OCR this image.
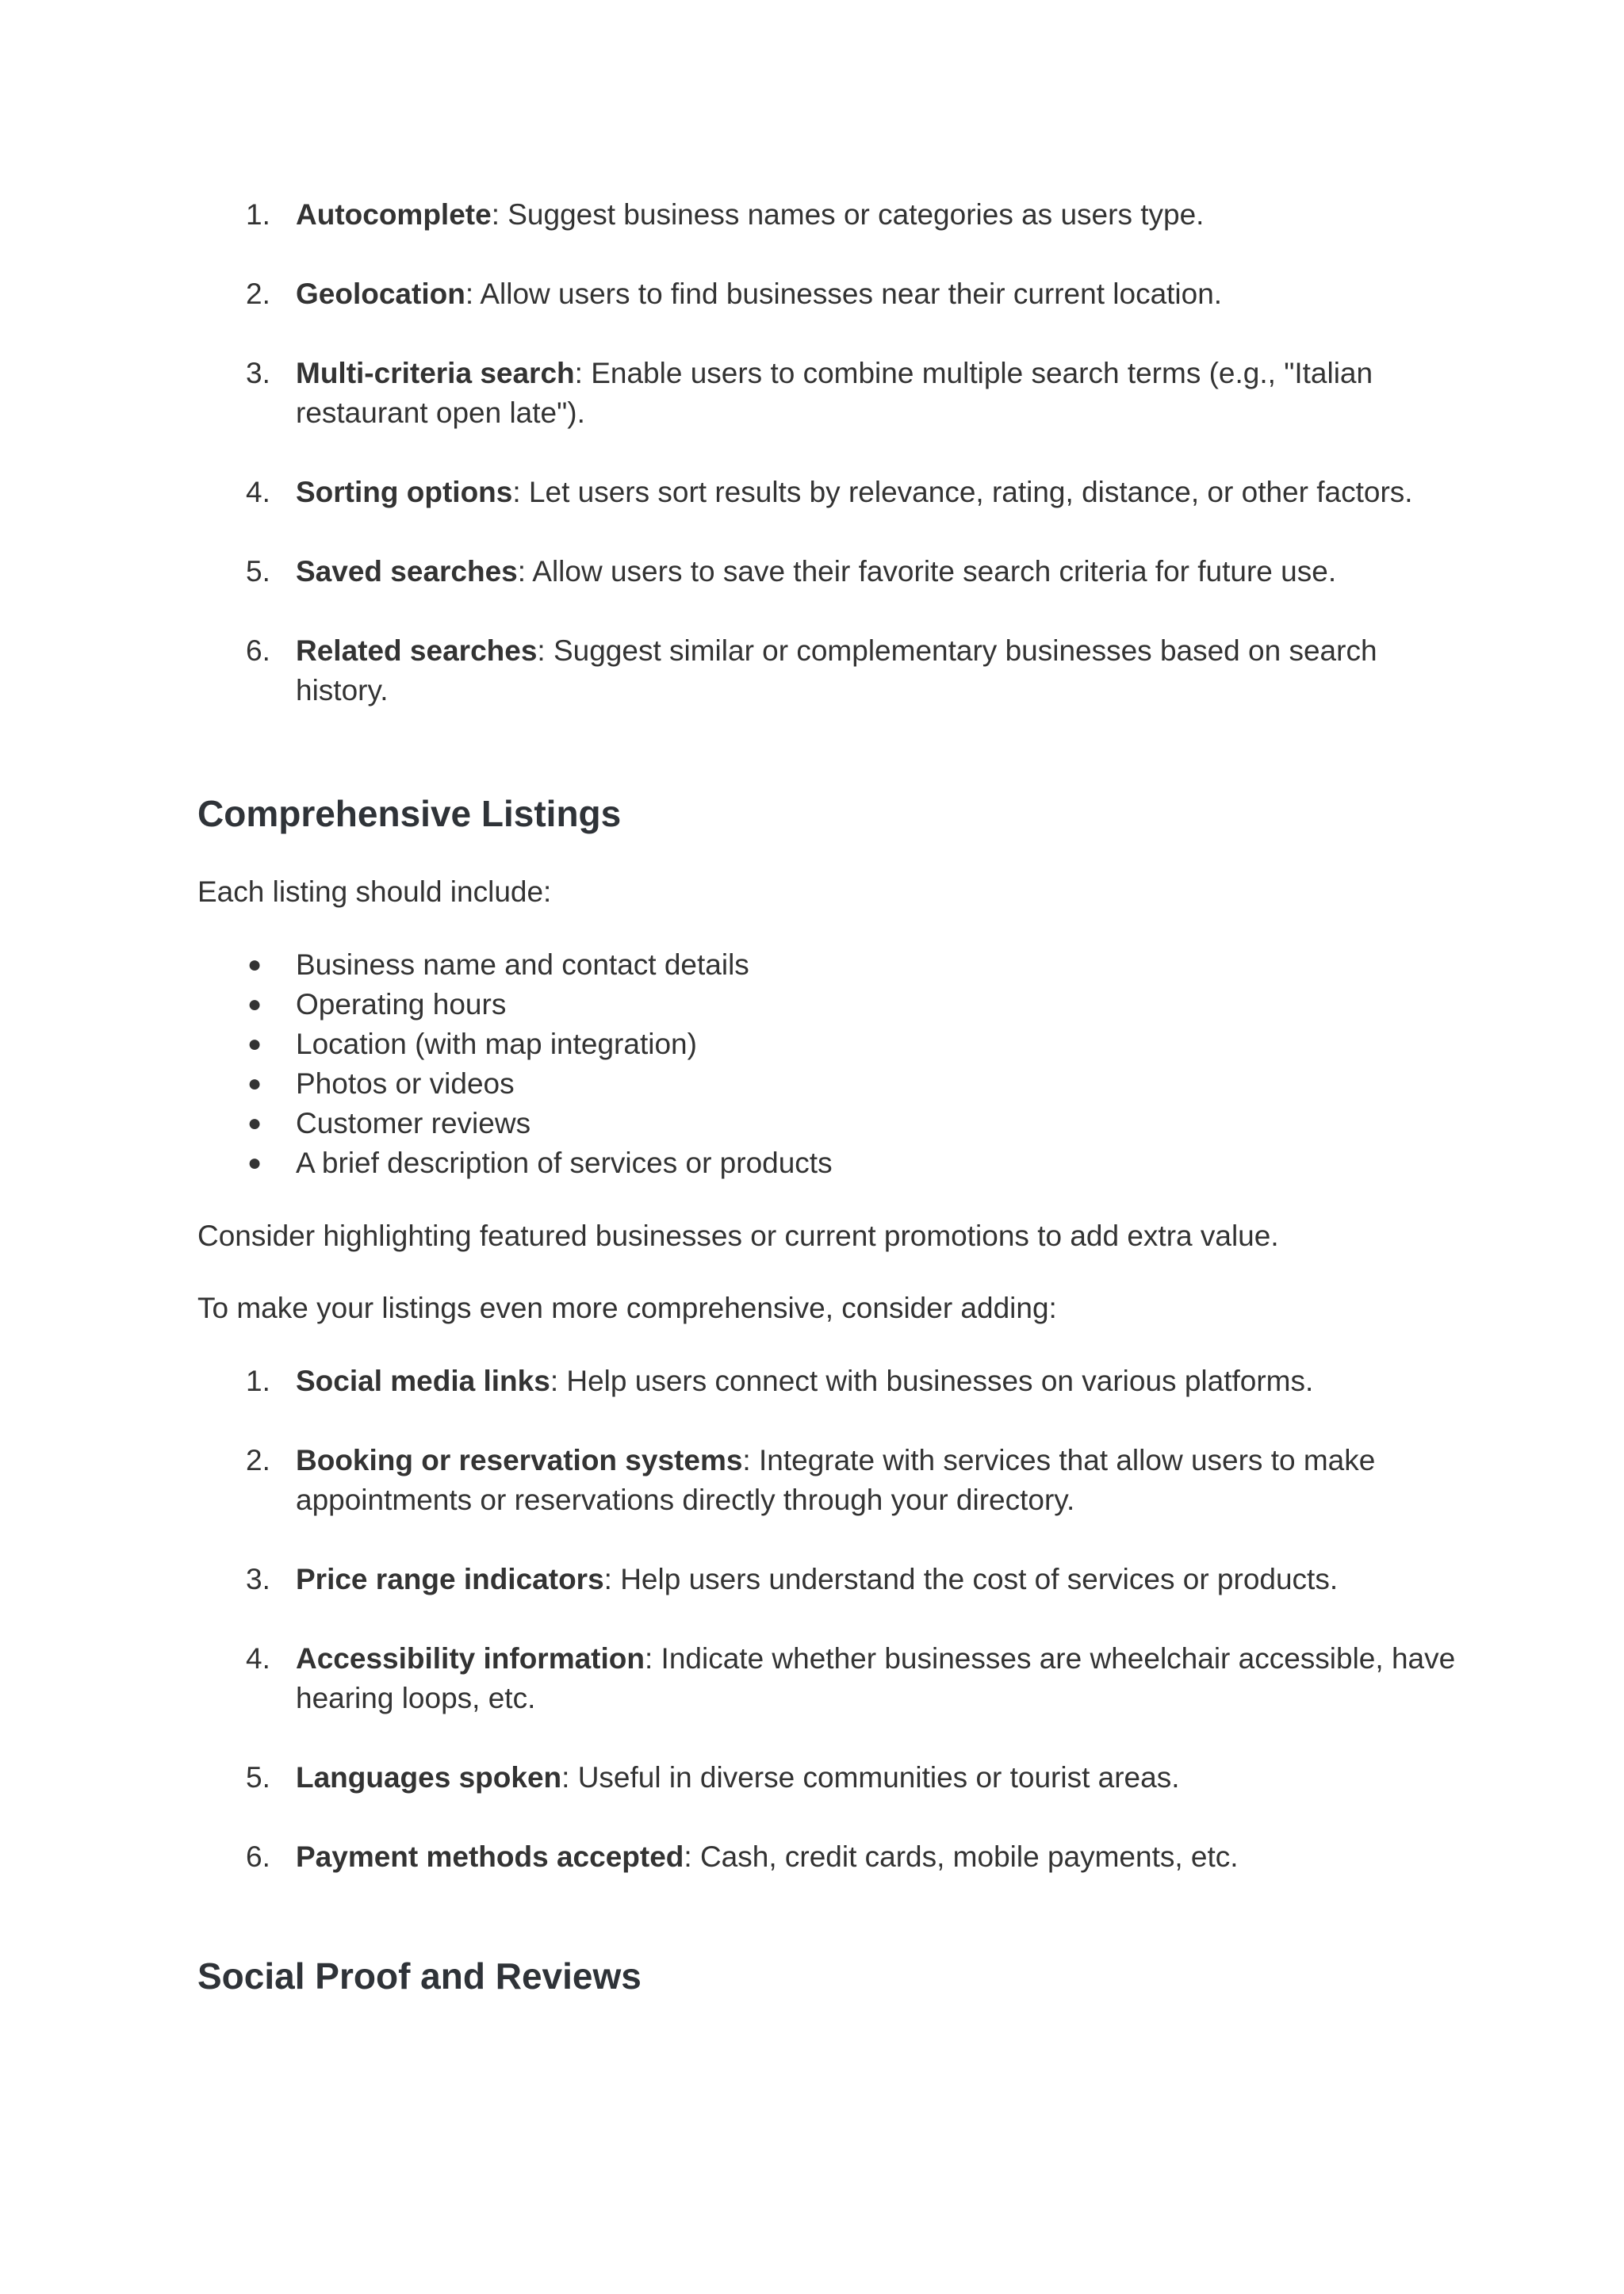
1. Autocomplete: Suggest business names or categories as users type.
2. Geolocation: Allow users to find businesses near their current location.
3. Multi-criteria search: Enable users to combine multiple search terms (e.g., "Italian
restaurant open late").
4. Sorting options: Let users sort results by relevance, rating, distance, or other factors.
5. Saved searches: Allow users to save their favorite search criteria for future use.
6. Related searches: Suggest similar or complementary businesses based on search
history.
Comprehensive Listings
Each listing should include:
● Business name and contact details
● Operating hours
● Location (with map integration)
● Photos or videos
● Customer reviews
● A brief description of services or products
Consider highlighting featured businesses or current promotions to add extra value.
To make your listings even more comprehensive, consider adding:
1. Social media links: Help users connect with businesses on various platforms.
2. Booking or reservation systems: Integrate with services that allow users to make
appointments or reservations directly through your directory.
3. Price range indicators: Help users understand the cost of services or products.
4. Accessibility information: Indicate whether businesses are wheelchair accessible, have
hearing loops, etc.
5. Languages spoken: Useful in diverse communities or tourist areas.
6. Payment methods accepted: Cash, credit cards, mobile payments, etc.
Social Proof and Reviews
